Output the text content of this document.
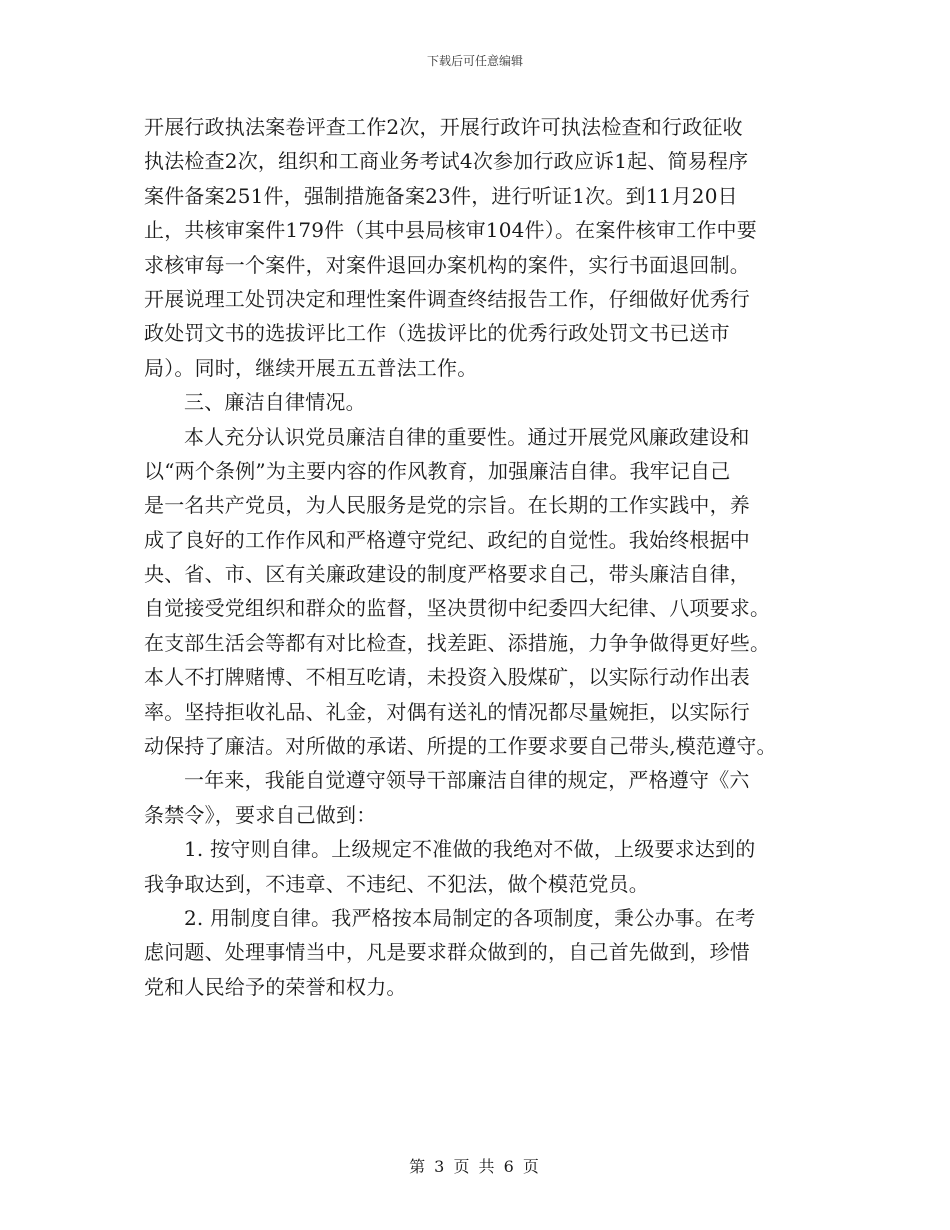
下载后可任意编辑
开展行政执法案卷评查工作2次，开展行政许可执法检查和行政征收
执法检查2次，组织和工商业务考试4次参加行政应诉1起、简易程序
案件备案251件，强制措施备案23件，进行听证1次。到11月20日
止，共核审案件179件（其中县局核审104件）。在案件核审工作中要
求核审每一个案件，对案件退回办案机构的案件，实行书面退回制。
开展说理工处罚决定和理性案件调查终结报告工作，仔细做好优秀行
政处罚文书的选拔评比工作（选拔评比的优秀行政处罚文书已送市
局）。同时，继续开展五五普法工作。
三、廉洁自律情况。
本人充分认识党员廉洁自律的重要性。通过开展党风廉政建设和
以“两个条例”为主要内容的作风教育，加强廉洁自律。我牢记自己
是一名共产党员，为人民服务是党的宗旨。在长期的工作实践中，养
成了良好的工作作风和严格遵守党纪、政纪的自觉性。我始终根据中
央、省、市、区有关廉政建设的制度严格要求自己，带头廉洁自律，
自觉接受党组织和群众的监督，坚决贯彻中纪委四大纪律、八项要求。
在支部生活会等都有对比检查，找差距、添措施，力争争做得更好些。
本人不打牌赌博、不相互吃请，未投资入股煤矿，以实际行动作出表
率。坚持拒收礼品、礼金，对偶有送礼的情况都尽量婉拒，以实际行
动保持了廉洁。对所做的承诺、所提的工作要求要自己带头,模范遵守。
一年来，我能自觉遵守领导干部廉洁自律的规定，严格遵守《六
条禁令》，要求自己做到：
1. 按守则自律。上级规定不准做的我绝对不做，上级要求达到的
我争取达到，不违章、不违纪、不犯法，做个模范党员。
2. 用制度自律。我严格按本局制定的各项制度，秉公办事。在考
虑问题、处理事情当中，凡是要求群众做到的，自己首先做到，珍惜
党和人民给予的荣誉和权力。
第 3 页 共 6 页
